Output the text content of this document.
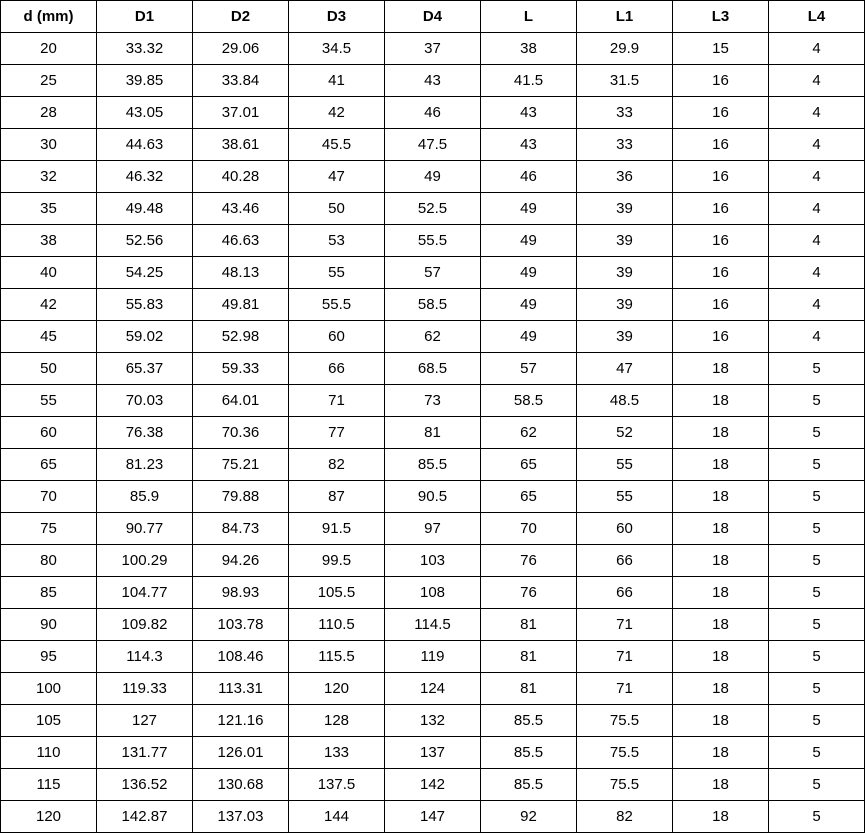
d (mm)	D1	D2	D3	D4	L	L1	L3	L4
20	33.32	29.06	34.5	37	38	29.9	15	4
25	39.85	33.84	41	43	41.5	31.5	16	4
28	43.05	37.01	42	46	43	33	16	4
30	44.63	38.61	45.5	47.5	43	33	16	4
32	46.32	40.28	47	49	46	36	16	4
35	49.48	43.46	50	52.5	49	39	16	4
38	52.56	46.63	53	55.5	49	39	16	4
40	54.25	48.13	55	57	49	39	16	4
42	55.83	49.81	55.5	58.5	49	39	16	4
45	59.02	52.98	60	62	49	39	16	4
50	65.37	59.33	66	68.5	57	47	18	5
55	70.03	64.01	71	73	58.5	48.5	18	5
60	76.38	70.36	77	81	62	52	18	5
65	81.23	75.21	82	85.5	65	55	18	5
70	85.9	79.88	87	90.5	65	55	18	5
75	90.77	84.73	91.5	97	70	60	18	5
80	100.29	94.26	99.5	103	76	66	18	5
85	104.77	98.93	105.5	108	76	66	18	5
90	109.82	103.78	110.5	114.5	81	71	18	5
95	114.3	108.46	115.5	119	81	71	18	5
100	119.33	113.31	120	124	81	71	18	5
105	127	121.16	128	132	85.5	75.5	18	5
110	131.77	126.01	133	137	85.5	75.5	18	5
115	136.52	130.68	137.5	142	85.5	75.5	18	5
120	142.87	137.03	144	147	92	82	18	5
